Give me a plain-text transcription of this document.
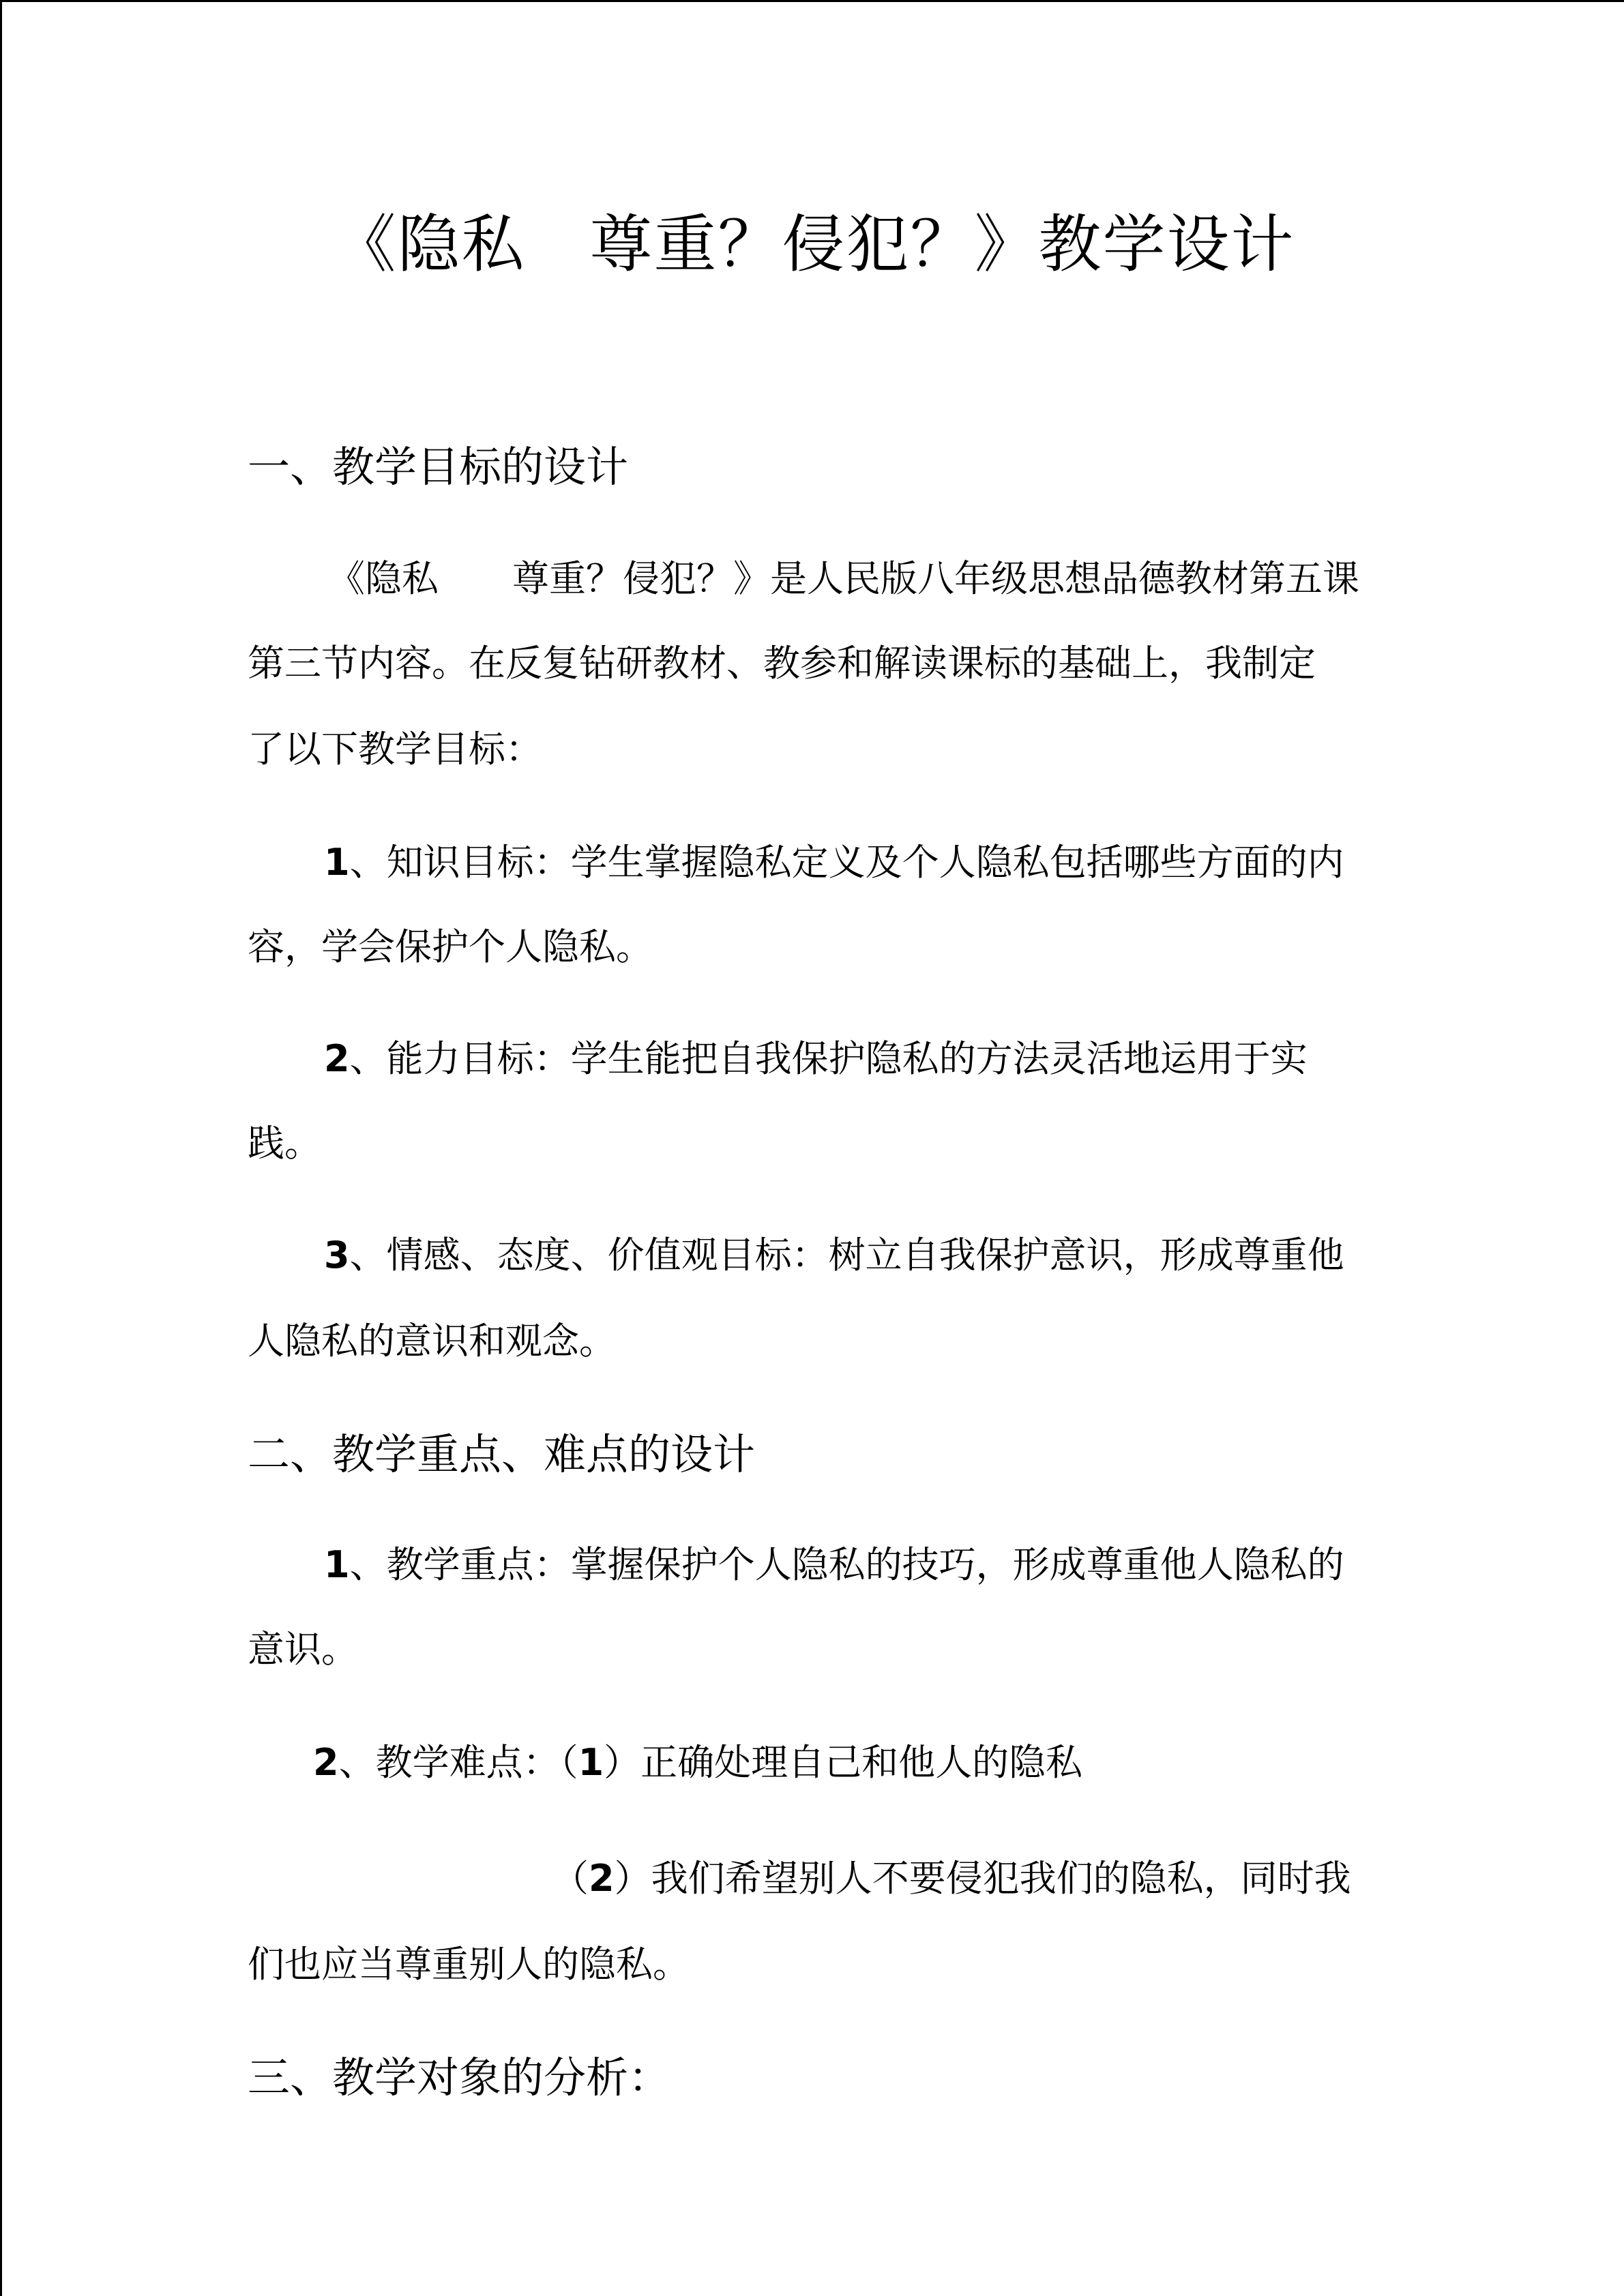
《隐私　尊重？侵犯？》教学设计
一、教学目标的设计
《隐私　　尊重？侵犯？》是人民版八年级思想品德教材第五课
第三节内容。在反复钻研教材、教参和解读课标的基础上，我制定
了以下教学目标：
1、知识目标：学生掌握隐私定义及个人隐私包括哪些方面的内
容，学会保护个人隐私。
2、能力目标：学生能把自我保护隐私的方法灵活地运用于实
践。
3、情感、态度、价值观目标：树立自我保护意识，形成尊重他
人隐私的意识和观念。
二、教学重点、难点的设计
1、教学重点：掌握保护个人隐私的技巧，形成尊重他人隐私的
意识。
2、教学难点：（1）正确处理自己和他人的隐私
（2）我们希望别人不要侵犯我们的隐私，同时我
们也应当尊重别人的隐私。
三、教学对象的分析：
